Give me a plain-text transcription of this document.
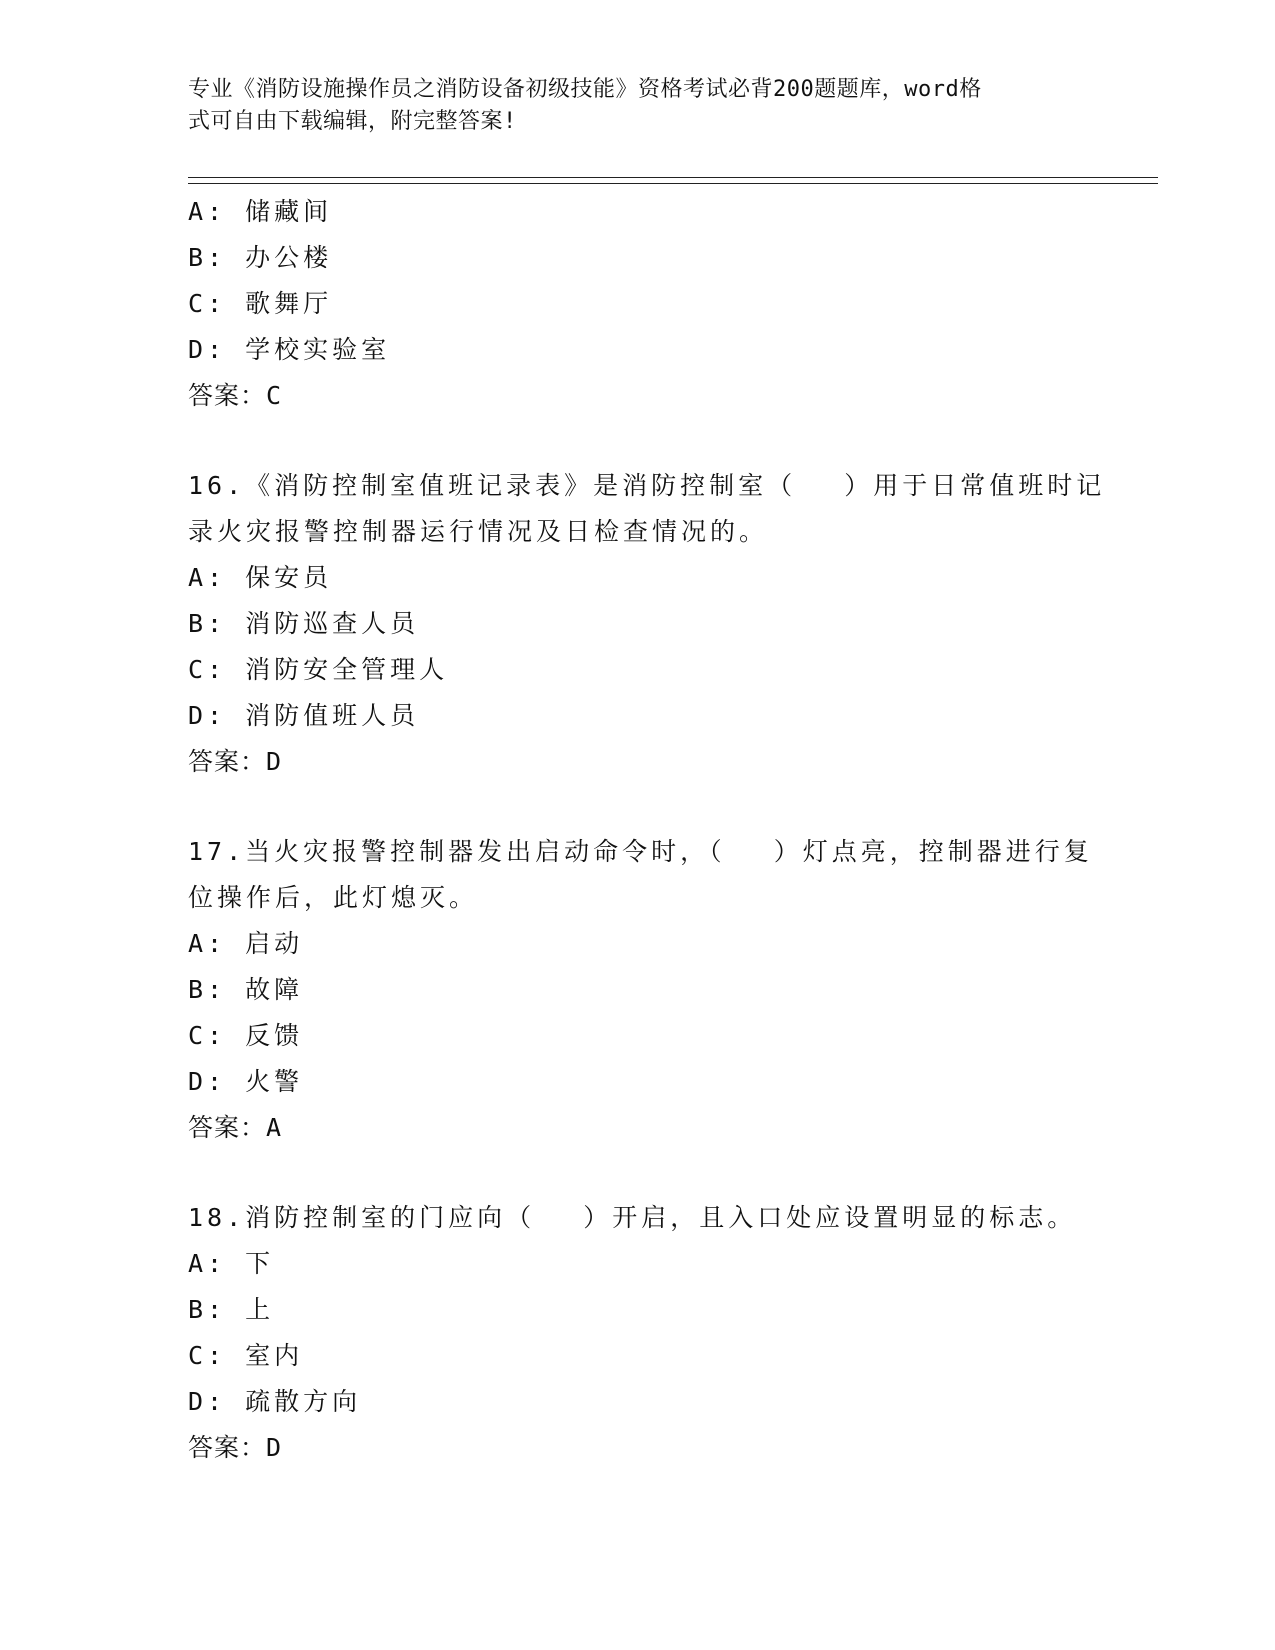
专业《消防设施操作员之消防设备初级技能》资格考试必背200题题库，word格
式可自由下载编辑，附完整答案!
A: 储藏间
B: 办公楼
C: 歌舞厅
D: 学校实验室
答案：C
16.《消防控制室值班记录表》是消防控制室（　 ）用于日常值班时记
录火灾报警控制器运行情况及日检查情况的。
A: 保安员
B: 消防巡查人员
C: 消防安全管理人
D: 消防值班人员
答案：D
17.当火灾报警控制器发出启动命令时，（　 ）灯点亮，控制器进行复
位操作后，此灯熄灭。
A: 启动
B: 故障
C: 反馈
D: 火警
答案：A
18.消防控制室的门应向（　 ）开启，且入口处应设置明显的标志。
A: 下
B: 上
C: 室内
D: 疏散方向
答案：D
